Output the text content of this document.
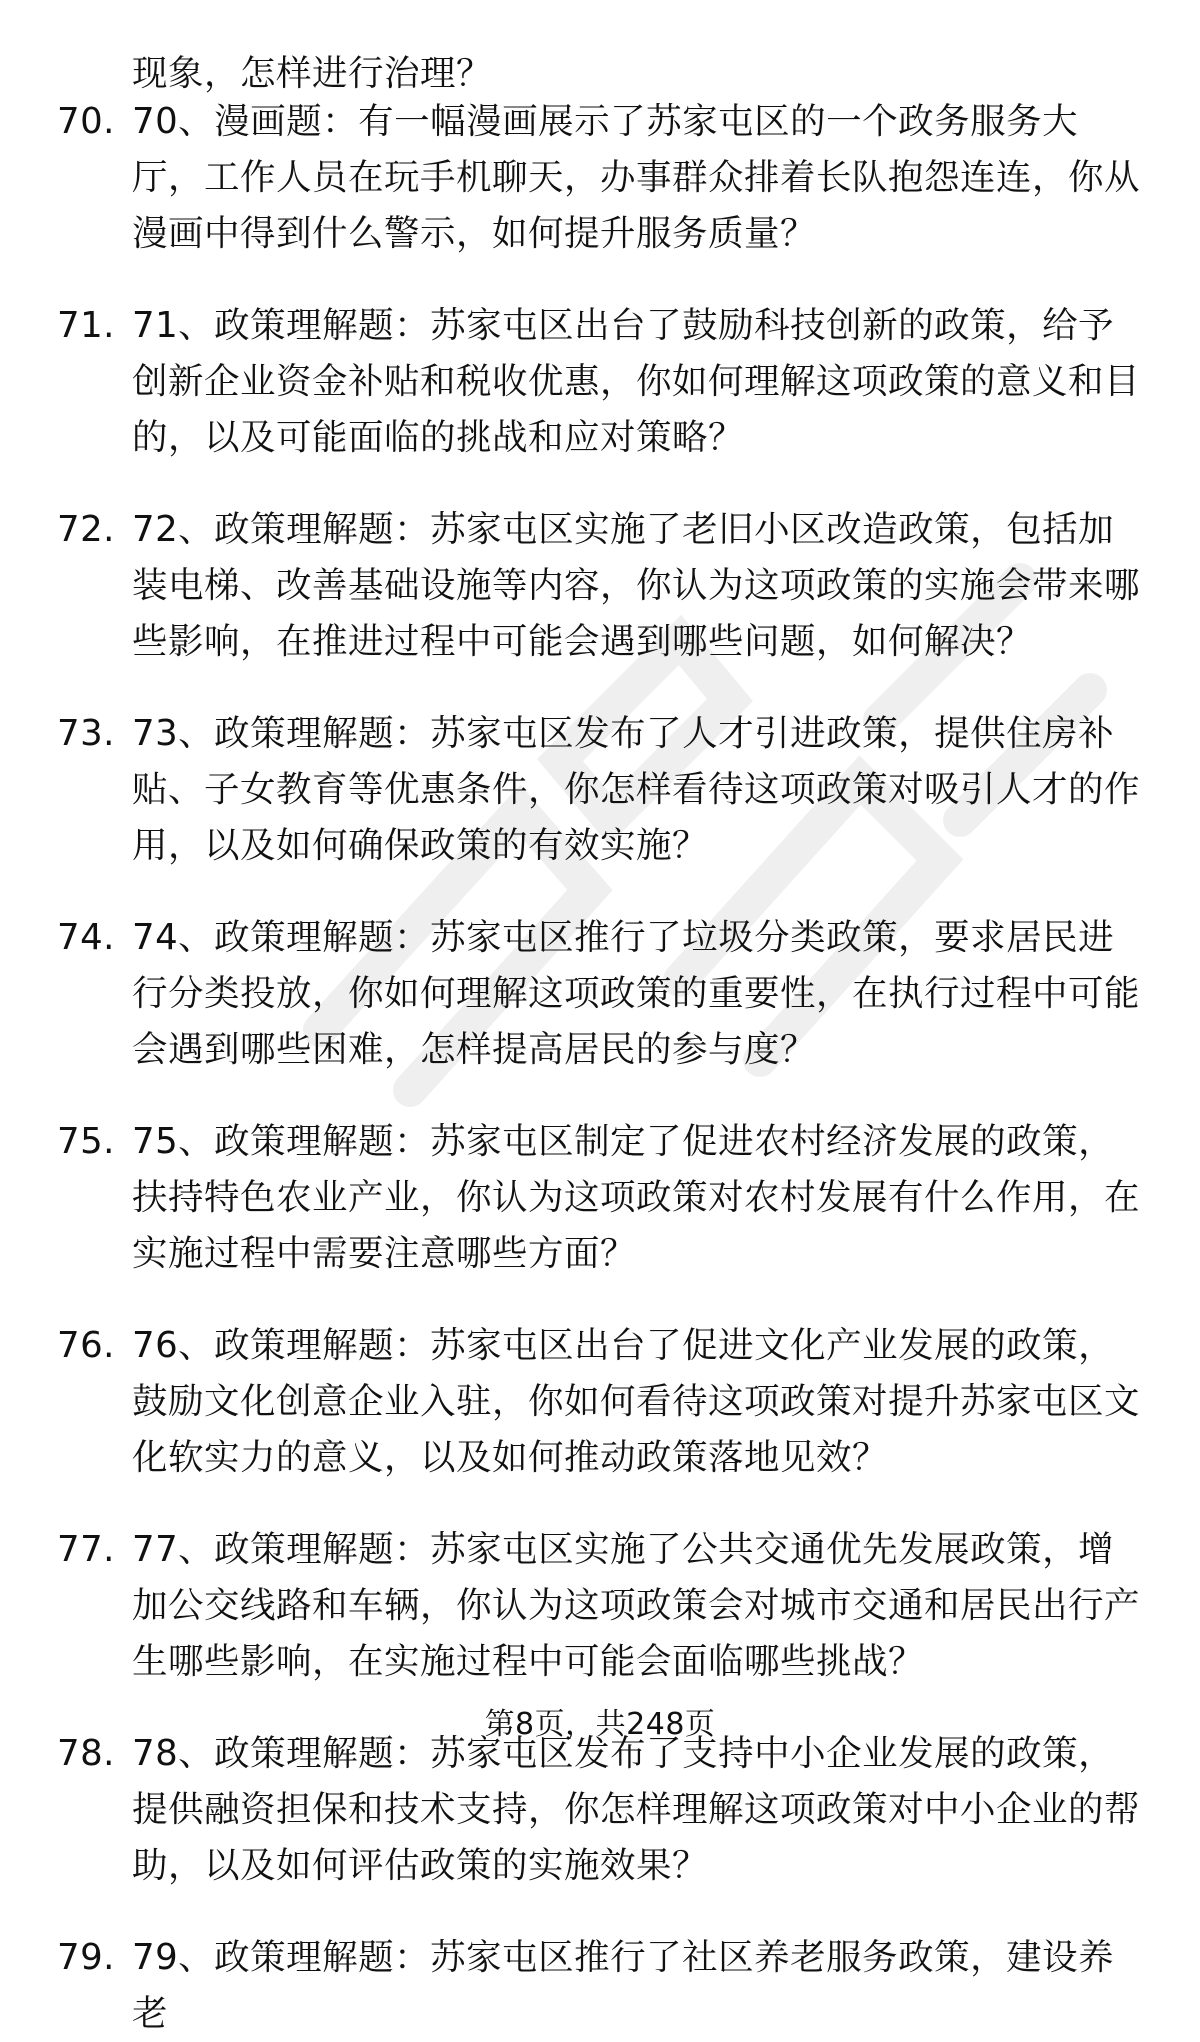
现象，怎样进行治理？
70. 70、漫画题：有一幅漫画展示了苏家屯区的一个政务服务大厅，工作人员在玩手机聊天，办事群众排着长队抱怨连连，你从漫画中得到什么警示，如何提升服务质量？
71. 71、政策理解题：苏家屯区出台了鼓励科技创新的政策，给予创新企业资金补贴和税收优惠，你如何理解这项政策的意义和目的，以及可能面临的挑战和应对策略？
72. 72、政策理解题：苏家屯区实施了老旧小区改造政策，包括加装电梯、改善基础设施等内容，你认为这项政策的实施会带来哪些影响，在推进过程中可能会遇到哪些问题，如何解决？
73. 73、政策理解题：苏家屯区发布了人才引进政策，提供住房补贴、子女教育等优惠条件，你怎样看待这项政策对吸引人才的作用，以及如何确保政策的有效实施？
74. 74、政策理解题：苏家屯区推行了垃圾分类政策，要求居民进行分类投放，你如何理解这项政策的重要性，在执行过程中可能会遇到哪些困难，怎样提高居民的参与度？
75. 75、政策理解题：苏家屯区制定了促进农村经济发展的政策，扶持特色农业产业，你认为这项政策对农村发展有什么作用，在实施过程中需要注意哪些方面？
76. 76、政策理解题：苏家屯区出台了促进文化产业发展的政策，鼓励文化创意企业入驻，你如何看待这项政策对提升苏家屯区文化软实力的意义，以及如何推动政策落地见效？
77. 77、政策理解题：苏家屯区实施了公共交通优先发展政策，增加公交线路和车辆，你认为这项政策会对城市交通和居民出行产生哪些影响，在实施过程中可能会面临哪些挑战？
78. 78、政策理解题：苏家屯区发布了支持中小企业发展的政策，提供融资担保和技术支持，你怎样理解这项政策对中小企业的帮助，以及如何评估政策的实施效果？
79. 79、政策理解题：苏家屯区推行了社区养老服务政策，建设养老
第8页，共248页
